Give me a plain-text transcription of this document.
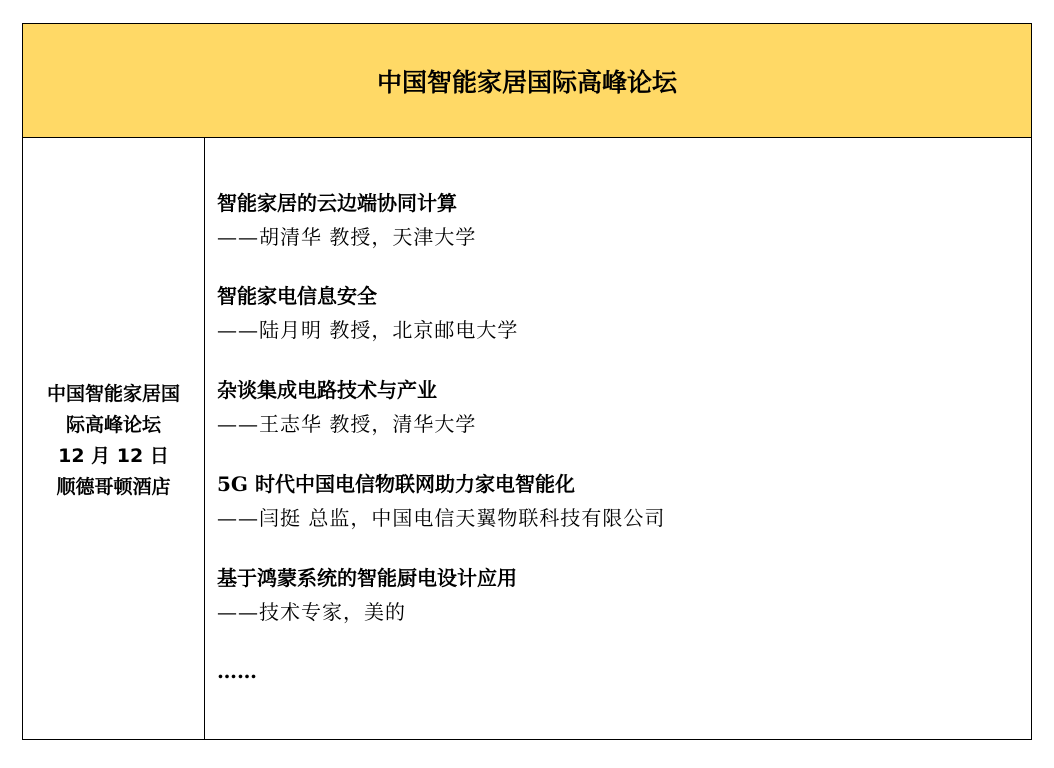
中国智能家居国际高峰论坛
中国智能家居国
际高峰论坛
12 月 12 日
顺德哥顿酒店
智能家居的云边端协同计算
——胡清华 教授，天津大学
智能家电信息安全
——陆月明 教授，北京邮电大学
杂谈集成电路技术与产业
——王志华 教授，清华大学
5G 时代中国电信物联网助力家电智能化
——闫挺 总监，中国电信天翼物联科技有限公司
基于鸿蒙系统的智能厨电设计应用
——技术专家，美的
……
